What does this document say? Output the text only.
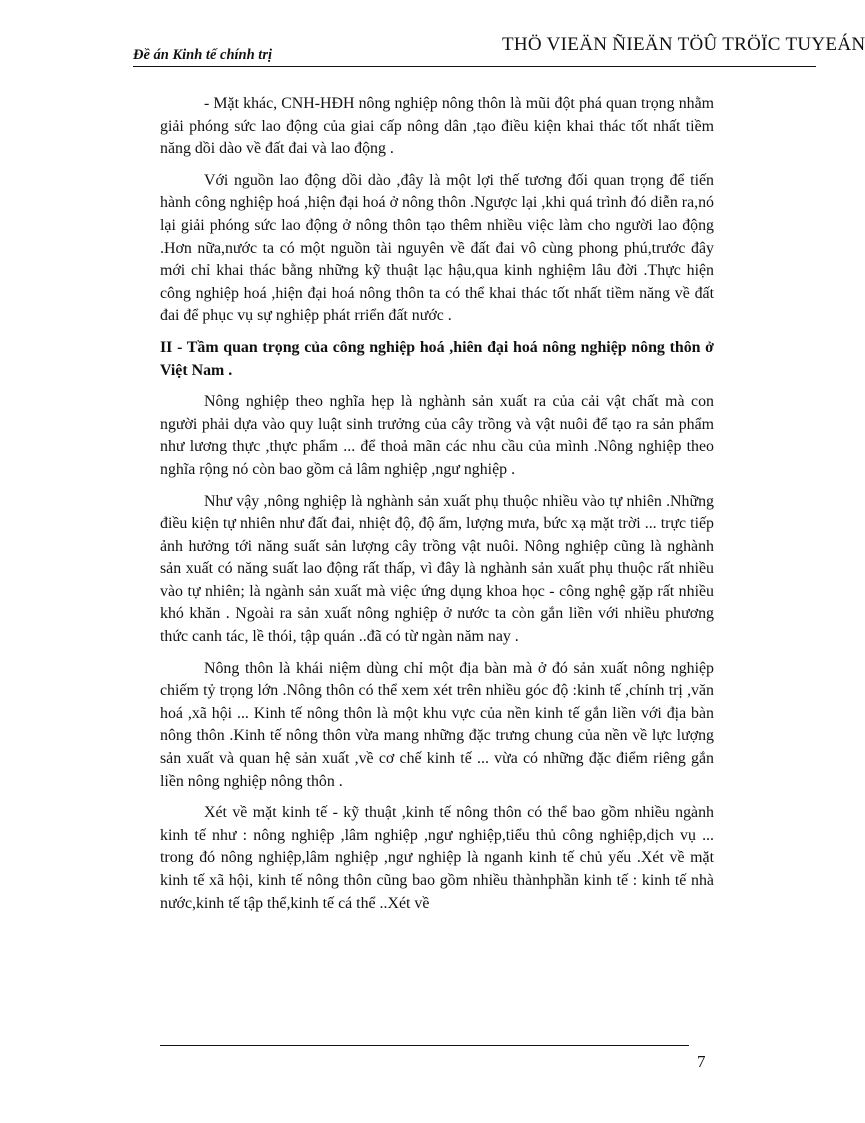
Đề án Kinh tế chính trị	THÖ VIEÄN ÑIEÄN TÖÛ TRÖÏC TUYEÁN

- Mặt khác, CNH-HĐH nông nghiệp nông thôn là mũi đột phá quan trọng nhằm giải phóng sức lao động của giai cấp nông dân ,tạo điều kiện khai thác tốt nhất tiềm năng dồi dào về đất đai và lao động .

Với nguồn lao động dồi dào ,đây là một lợi thế tương đối quan trọng để tiến hành công nghiệp hoá ,hiện đại hoá ở nông thôn .Ngược lại ,khi quá trình đó diễn ra,nó lại giải phóng sức lao động ở nông thôn tạo thêm nhiều việc làm cho người lao động .Hơn nữa,nước ta có một nguồn tài nguyên về đất đai vô cùng phong phú,trước đây mới chỉ khai thác bằng những kỹ thuật lạc hậu,qua kinh nghiệm lâu đời .Thực hiện công nghiệp hoá ,hiện đại hoá nông thôn ta có thể khai thác tốt nhất tiềm năng về đất đai để phục vụ sự nghiệp phát rriển đất nước .

II - Tầm quan trọng của công nghiệp hoá ,hiên đại hoá nông nghiệp nông thôn ở Việt Nam .

Nông nghiệp theo nghĩa hẹp là nghành sản xuất ra của cải vật chất mà con người phải dựa vào quy luật sinh trưởng của cây trồng và vật nuôi để tạo ra sản phẩm như lương thực ,thực phẩm ... để thoả mãn các nhu cầu của mình .Nông nghiệp theo nghĩa rộng nó còn bao gồm cả lâm nghiệp ,ngư nghiệp .

Như vậy ,nông nghiệp là nghành sản xuất phụ thuộc nhiều vào tự nhiên .Những điều kiện tự nhiên như đất đai, nhiệt độ, độ ẩm, lượng mưa, bức xạ mặt trời ... trực tiếp ảnh hưởng tới năng suất sản lượng cây trồng vật nuôi. Nông nghiệp cũng là nghành sản xuất có năng suất lao động rất thấp, vì đây là nghành sản xuất phụ thuộc rất nhiều vào tự nhiên; là ngành sản xuất mà việc ứng dụng khoa học - công nghệ gặp rất nhiều khó khăn . Ngoài ra sản xuất nông nghiệp ở nước ta còn gắn liền với nhiều phương thức canh tác, lề thói, tập quán ..đã có từ ngàn năm nay .

Nông thôn là khái niệm dùng chỉ một địa bàn mà ở đó sản xuất nông nghiệp chiếm tỷ trọng lớn .Nông thôn có thể xem xét trên nhiều góc độ :kinh tế ,chính trị ,văn hoá ,xã hội ... Kinh tế nông thôn là một khu vực của nền kinh tế gắn liền với địa bàn nông thôn .Kinh tế nông thôn vừa mang những đặc trưng chung của nền về lực lượng sản xuất và quan hệ sản xuất ,về cơ chế kinh tế ... vừa có những đặc điểm riêng gắn liền nông nghiệp nông thôn .

Xét về mặt kinh tế - kỹ thuật ,kinh tế nông thôn có thể bao gồm nhiều ngành kinh tế như : nông nghiệp ,lâm nghiệp ,ngư nghiệp,tiểu thủ công nghiệp,dịch vụ ... trong đó nông nghiệp,lâm nghiệp ,ngư nghiệp là nganh kinh tế chủ yếu .Xét về mặt kinh tế xã hội, kinh tế nông thôn cũng bao gồm nhiều thànhphần kinh tế : kinh tế nhà nước,kinh tế tập thể,kinh tế cá thể ..Xét về

7
